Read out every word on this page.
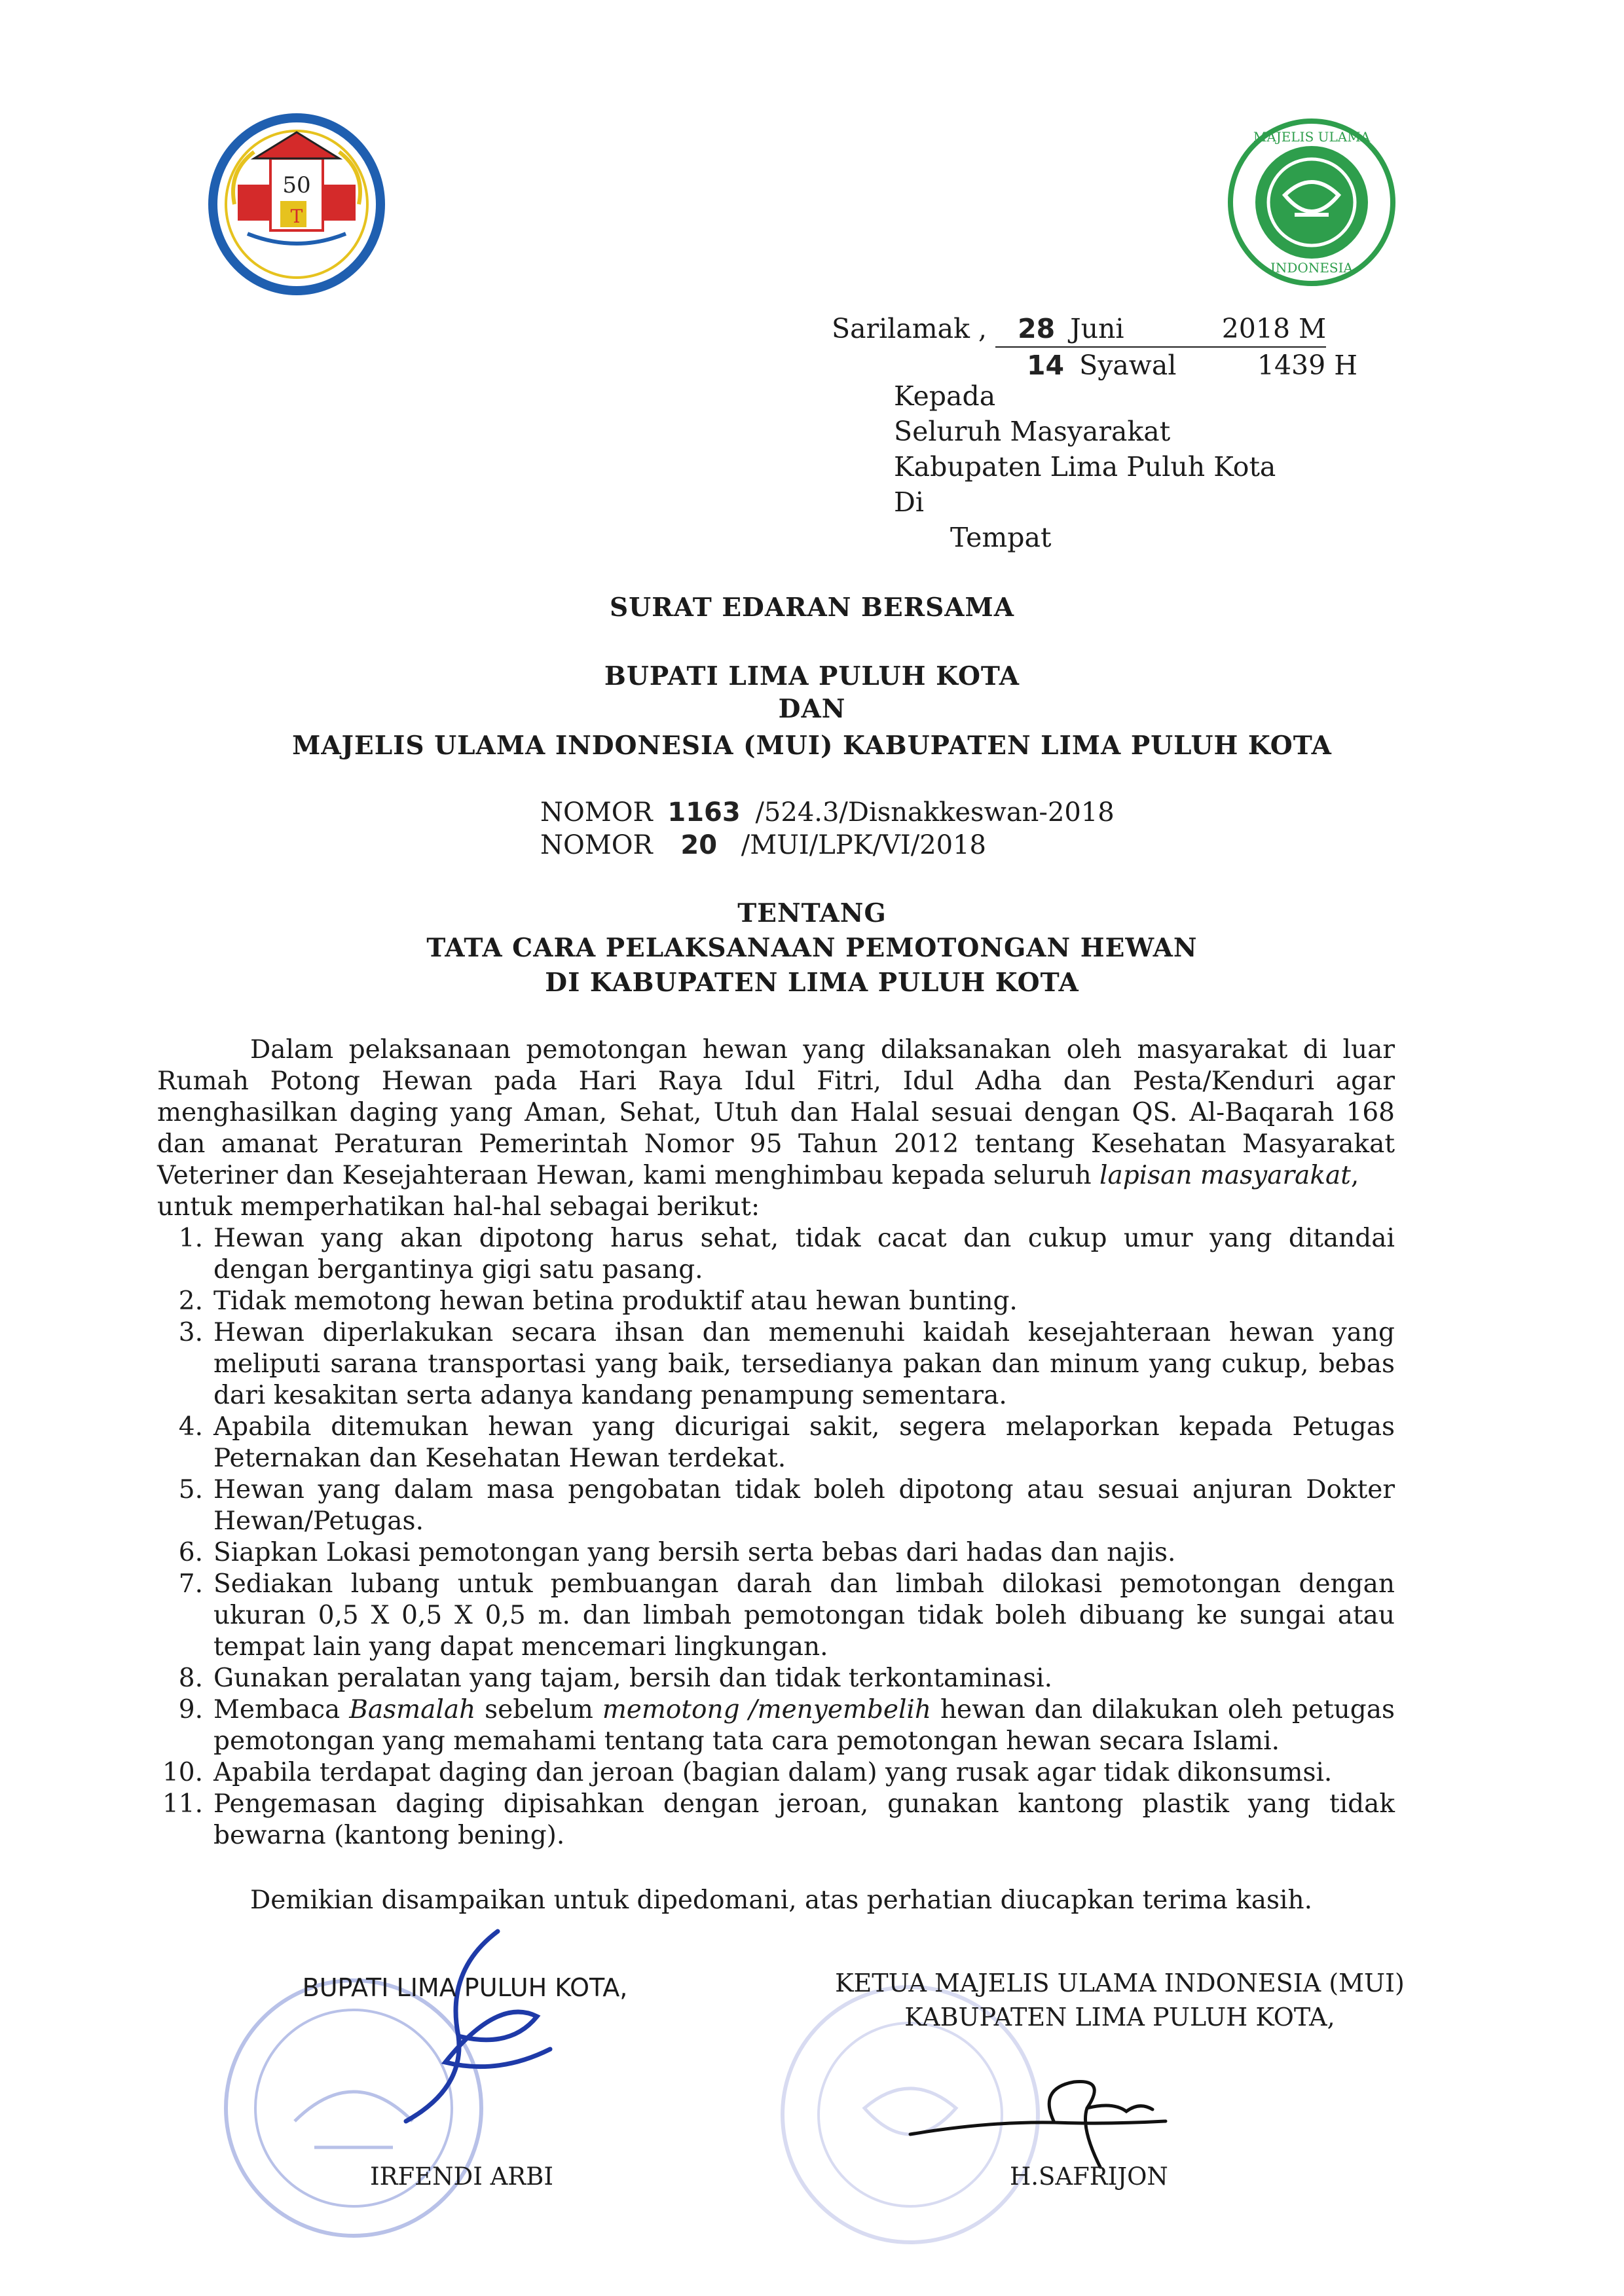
50
T
MAJELIS ULAMA
INDONESIA
Sarilamak , 28 Juni	2018 M
14 Syawal	1439 H
Kepada
Seluruh Masyarakat
Kabupaten Lima Puluh Kota
Di
Tempat
SURAT EDARAN BERSAMA
BUPATI LIMA PULUH KOTA
DAN
MAJELIS ULAMA INDONESIA (MUI) KABUPATEN LIMA PULUH KOTA
NOMOR 1163 /524.3/Disnakkeswan-2018
NOMOR 20 /MUI/LPK/VI/2018
TENTANG
TATA CARA PELAKSANAAN PEMOTONGAN HEWAN
DI KABUPATEN LIMA PULUH KOTA

Dalam pelaksanaan pemotongan hewan yang dilaksanakan oleh masyarakat di luar Rumah Potong Hewan pada Hari Raya Idul Fitri, Idul Adha dan Pesta/Kenduri agar menghasilkan daging yang Aman, Sehat, Utuh dan Halal sesuai dengan QS. Al-Baqarah 168 dan amanat Peraturan Pemerintah Nomor 95 Tahun 2012 tentang Kesehatan Masyarakat Veteriner dan Kesejahteraan Hewan, kami menghimbau kepada seluruh lapisan masyarakat,

untuk memperhatikan hal-hal sebagai berikut:
1. Hewan yang akan dipotong harus sehat, tidak cacat dan cukup umur yang ditandai dengan bergantinya gigi satu pasang.
2. Tidak memotong hewan betina produktif atau hewan bunting.
3. Hewan diperlakukan secara ihsan dan memenuhi kaidah kesejahteraan hewan yang meliputi sarana transportasi yang baik, tersedianya pakan dan minum yang cukup, bebas dari kesakitan serta adanya kandang penampung sementara.
4. Apabila ditemukan hewan yang dicurigai sakit, segera melaporkan kepada Petugas Peternakan dan Kesehatan Hewan terdekat.
5. Hewan yang dalam masa pengobatan tidak boleh dipotong atau sesuai anjuran Dokter Hewan/Petugas.
6. Siapkan Lokasi pemotongan yang bersih serta bebas dari hadas dan najis.
7. Sediakan lubang untuk pembuangan darah dan limbah dilokasi pemotongan dengan ukuran 0,5 X 0,5 X 0,5 m. dan limbah pemotongan tidak boleh dibuang ke sungai atau tempat lain yang dapat mencemari lingkungan.
8. Gunakan peralatan yang tajam, bersih dan tidak terkontaminasi.
9. Membaca Basmalah sebelum memotong /menyembelih hewan dan dilakukan oleh petugas pemotongan yang memahami tentang tata cara pemotongan hewan secara Islami.
10. Apabila terdapat daging dan jeroan (bagian dalam) yang rusak agar tidak dikonsumsi.
11. Pengemasan daging dipisahkan dengan jeroan, gunakan kantong plastik yang tidak bewarna (kantong bening).
Demikian disampaikan untuk dipedomani, atas perhatian diucapkan terima kasih.
BUPATI LIMA PULUH KOTA,
IRFENDI ARBI
KETUA MAJELIS ULAMA INDONESIA (MUI)
KABUPATEN LIMA PULUH KOTA,
H.SAFRIJON
